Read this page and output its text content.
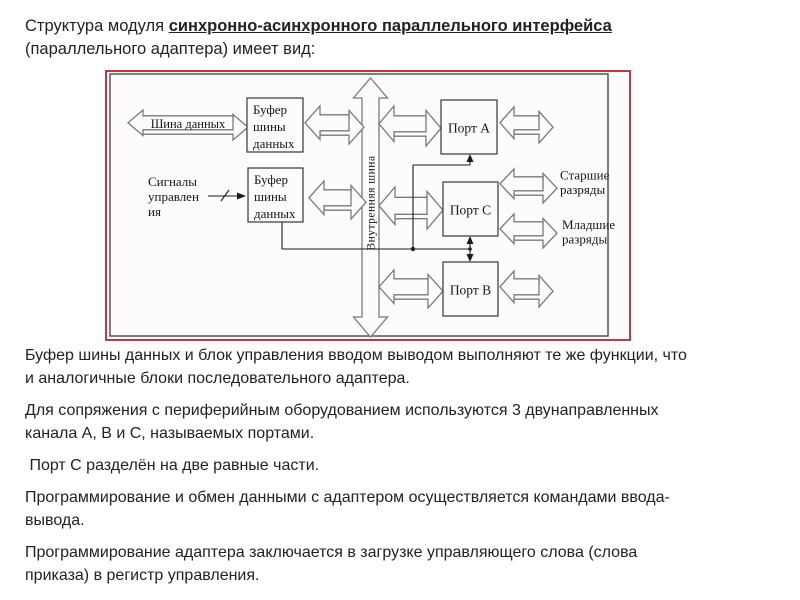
Структура модуля синхронно-асинхронного параллельного интерфейса
(параллельного адаптера) имеет вид:
Шина данных
Буфер
шины
данных
Буфер
шины
данных
Порт А
Порт С
Порт В
Сигналы
управлен
ия	Внутренняя шина	Старшие
разряды
Младшие
разряды

Буфер шины данных и блок управления вводом выводом выполняют те же функции, что
и аналогичные блоки последовательного адаптера.

Для сопряжения с периферийным оборудованием используются 3 двунаправленных
канала А, В и С, называемых портами.

Порт С разделён на две равные части.

Программирование и обмен данными с адаптером осуществляется командами ввода-
вывода.

Программирование адаптера заключается в загрузке управляющего слова (слова
приказа) в регистр управления.
